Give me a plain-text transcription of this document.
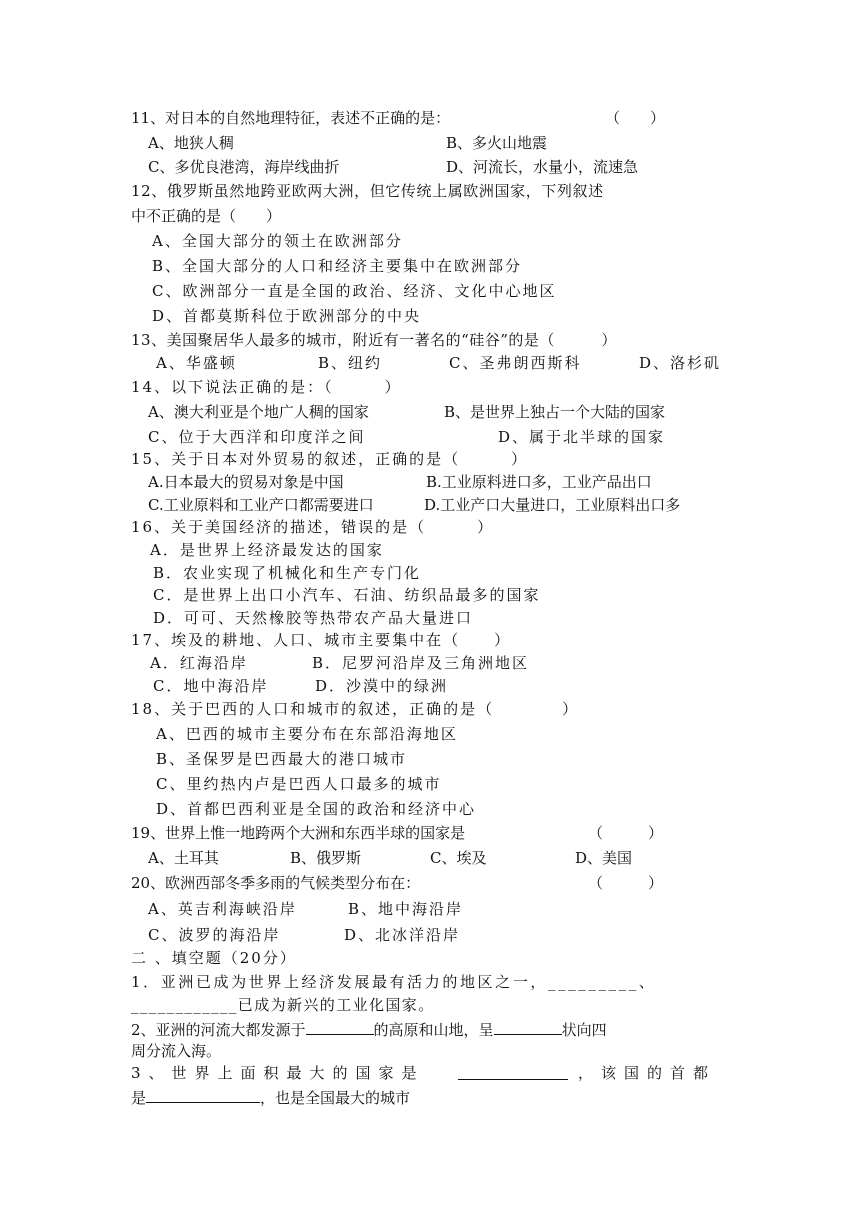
11、对日本的自然地理特征，表述不正确的是：	（　　）
A、地狭人稠	B、多火山地震
C、多优良港湾，海岸线曲折	D、河流长，水量小，流速急
12、俄罗斯虽然地跨亚欧两大洲，但它传统上属欧洲国家，下列叙述
中不正确的是（　　）
A、全国大部分的领土在欧洲部分
B、全国大部分的人口和经济主要集中在欧洲部分
C、欧洲部分一直是全国的政治、经济、文化中心地区
D、首都莫斯科位于欧洲部分的中央
13、美国聚居华人最多的城市，附近有一著名的“硅谷”的是（　　　）
A、华盛顿	B、纽约	C、圣弗朗西斯科	D、洛杉矶
14、以下说法正确的是：（　　　）
A、澳大利亚是个地广人稠的国家	B、是世界上独占一个大陆的国家
C、位于大西洋和印度洋之间	D、属于北半球的国家
15、关于日本对外贸易的叙述，正确的是（　　　）
A.日本最大的贸易对象是中国	B.工业原料进口多，工业产品出口
C.工业原料和工业产口都需要进口	D.工业产口大量进口，工业原料出口多
16、关于美国经济的描述，错误的是（　　　）
A．是世界上经济最发达的国家
B．农业实现了机械化和生产专门化
C．是世界上出口小汽车、石油、纺织品最多的国家
D．可可、天然橡胶等热带农产品大量进口
17、埃及的耕地、人口、城市主要集中在（　　）
A．红海沿岸	B．尼罗河沿岸及三角洲地区
C．地中海沿岸	D．沙漠中的绿洲
18、关于巴西的人口和城市的叙述，正确的是（　　　　）
A、巴西的城市主要分布在东部沿海地区
B、圣保罗是巴西最大的港口城市
C、里约热内卢是巴西人口最多的城市
D、首都巴西利亚是全国的政治和经济中心
19、世界上惟一地跨两个大洲和东西半球的国家是	（　　　）
A、土耳其	B、俄罗斯	C、埃及	D、美国
20、欧洲西部冬季多雨的气候类型分布在：	（　　　）
A、英吉利海峡沿岸	B、地中海沿岸
C、波罗的海沿岸	D、北冰洋沿岸
二 、填空题（20分）
1．亚洲已成为世界上经济发展最有活力的地区之一，_________、
____________已成为新兴的工业化国家。
2、亚洲的河流大都发源于	的高原和山地，呈	状向四
周分流入海。
3、世界上面积最大的国家是	，该国的首都
是	，也是全国最大的城市
